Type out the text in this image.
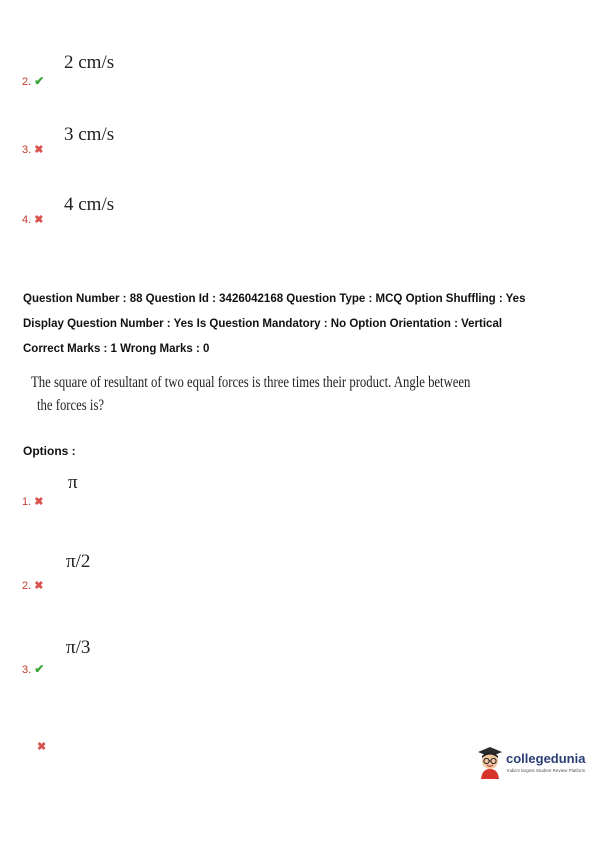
2 cm/s
2. ✔
3 cm/s
3. ✖
4 cm/s
4. ✖
Question Number : 88 Question Id : 3426042168 Question Type : MCQ Option Shuffling : Yes
Display Question Number : Yes Is Question Mandatory : No Option Orientation : Vertical
Correct Marks : 1 Wrong Marks : 0
The square of resultant of two equal forces is three times their product. Angle between
the forces is?
Options :
π
1. ✖
π/2
2. ✖
π/3
3. ✔
✖
collegedunia
India's largest Student Review Platform
